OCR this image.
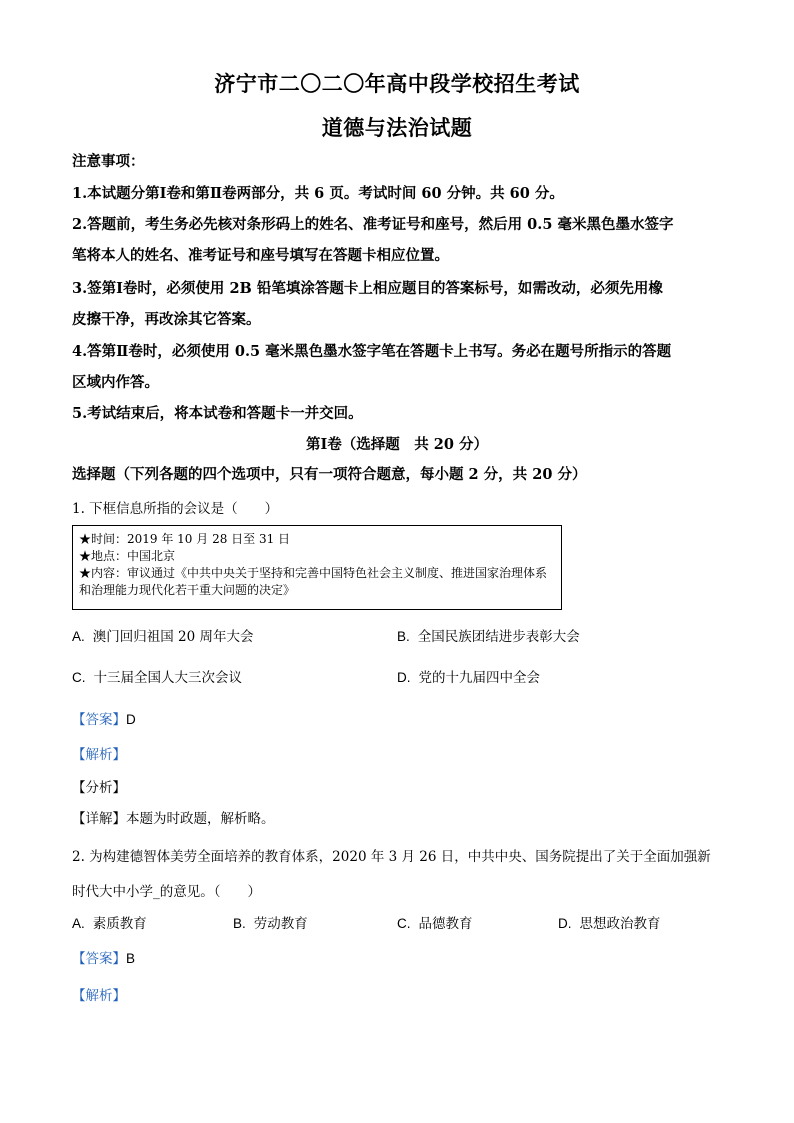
济宁市二〇二〇年高中段学校招生考试
道德与法治试题
注意事项：
1.本试题分第Ⅰ卷和第Ⅱ卷两部分，共 6 页。考试时间 60 分钟。共 60 分。
2.答题前，考生务必先核对条形码上的姓名、准考证号和座号，然后用 0.5 毫米黑色墨水签字
笔将本人的姓名、准考证号和座号填写在答题卡相应位置。
3.签第Ⅰ卷时，必须使用 2B 铅笔填涂答题卡上相应题目的答案标号，如需改动，必须先用橡
皮擦干净，再改涂其它答案。
4.答第Ⅱ卷时，必须使用 0.5 毫米黑色墨水签字笔在答题卡上书写。务必在题号所指示的答题
区域内作答。
5.考试结束后，将本试卷和答题卡一并交回。
第Ⅰ卷（选择题　共 20 分）
选择题（下列各题的四个选项中，只有一项符合题意，每小题 2 分，共 20 分）
1. 下框信息所指的会议是（　　）
★时间：2019 年 10 月 28 日至 31 日
★地点：中国北京
★内容：审议通过《中共中央关于坚持和完善中国特色社会主义制度、推进国家治理体系和治理能力现代化若干重大问题的决定》
A. 澳门回归祖国 20 周年大会	B. 全国民族团结进步表彰大会
C. 十三届全国人大三次会议	D. 党的十九届四中全会
【答案】D
【解析】
【分析】
【详解】本题为时政题，解析略。
2. 为构建德智体美劳全面培养的教育体系，2020 年 3 月 26 日，中共中央、国务院提出了关于全面加强新
时代大中小学_的意见。（　　）
A. 素质教育	B. 劳动教育	C. 品德教育	D. 思想政治教育
【答案】B
【解析】
